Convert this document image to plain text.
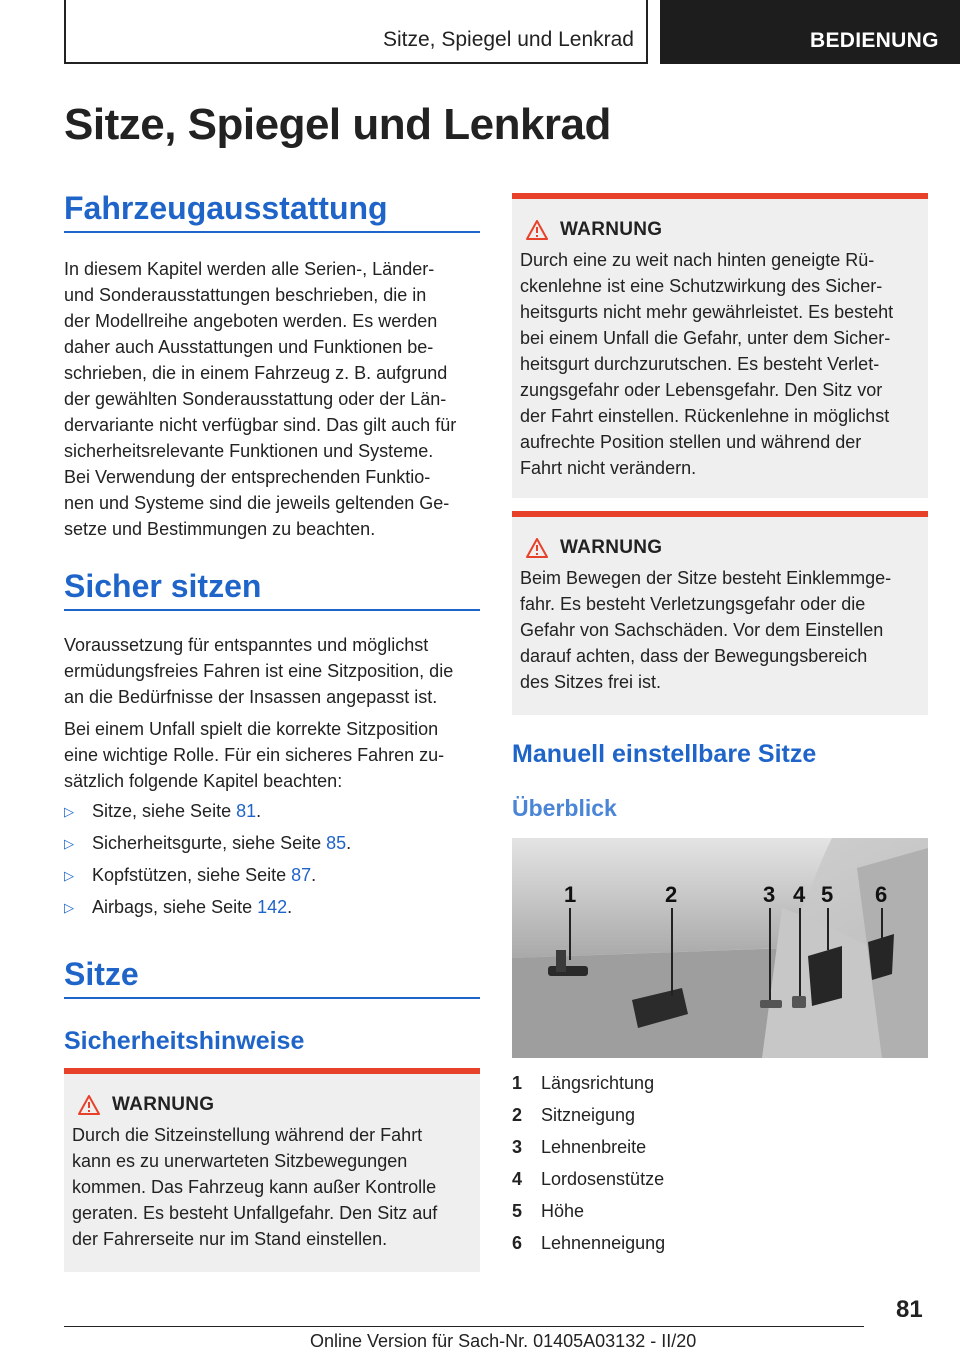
Sitze, Spiegel und Lenkrad	BEDIENUNG
Sitze, Spiegel und Lenkrad
Fahrzeugausstattung
In diesem Kapitel werden alle Serien-, Länder-
und Sonderausstattungen beschrieben, die in
der Modellreihe angeboten werden. Es werden
daher auch Ausstattungen und Funktionen be-
schrieben, die in einem Fahrzeug z. B. aufgrund
der gewählten Sonderausstattung oder der Län-
dervariante nicht verfügbar sind. Das gilt auch für
sicherheitsrelevante Funktionen und Systeme.
Bei Verwendung der entsprechenden Funktio-
nen und Systeme sind die jeweils geltenden Ge-
setze und Bestimmungen zu beachten.
Sicher sitzen
Voraussetzung für entspanntes und möglichst
ermüdungsfreies Fahren ist eine Sitzposition, die
an die Bedürfnisse der Insassen angepasst ist.
Bei einem Unfall spielt die korrekte Sitzposition
eine wichtige Rolle. Für ein sicheres Fahren zu-
sätzlich folgende Kapitel beachten:
▷ Sitze, siehe Seite 81.
▷ Sicherheitsgurte, siehe Seite 85.
▷ Kopfstützen, siehe Seite 87.
▷ Airbags, siehe Seite 142.
Sitze
Sicherheitshinweise
WARNUNG
Durch die Sitzeinstellung während der Fahrt
kann es zu unerwarteten Sitzbewegungen
kommen. Das Fahrzeug kann außer Kontrolle
geraten. Es besteht Unfallgefahr. Den Sitz auf
der Fahrerseite nur im Stand einstellen.
WARNUNG
Durch eine zu weit nach hinten geneigte Rü-
ckenlehne ist eine Schutzwirkung des Sicher-
heitsgurts nicht mehr gewährleistet. Es besteht
bei einem Unfall die Gefahr, unter dem Sicher-
heitsgurt durchzurutschen. Es besteht Verlet-
zungsgefahr oder Lebensgefahr. Den Sitz vor
der Fahrt einstellen. Rückenlehne in möglichst
aufrechte Position stellen und während der
Fahrt nicht verändern.
WARNUNG
Beim Bewegen der Sitze besteht Einklemmge-
fahr. Es besteht Verletzungsgefahr oder die
Gefahr von Sachschäden. Vor dem Einstellen
darauf achten, dass der Bewegungsbereich
des Sitzes frei ist.
Manuell einstellbare Sitze
Überblick
1	2	3 4 5 6
1 Längsrichtung
2 Sitzneigung
3 Lehnenbreite
4 Lordosenstütze
5 Höhe
6 Lehnenneigung
81
Online Version für Sach-Nr. 01405A03132 - II/20
